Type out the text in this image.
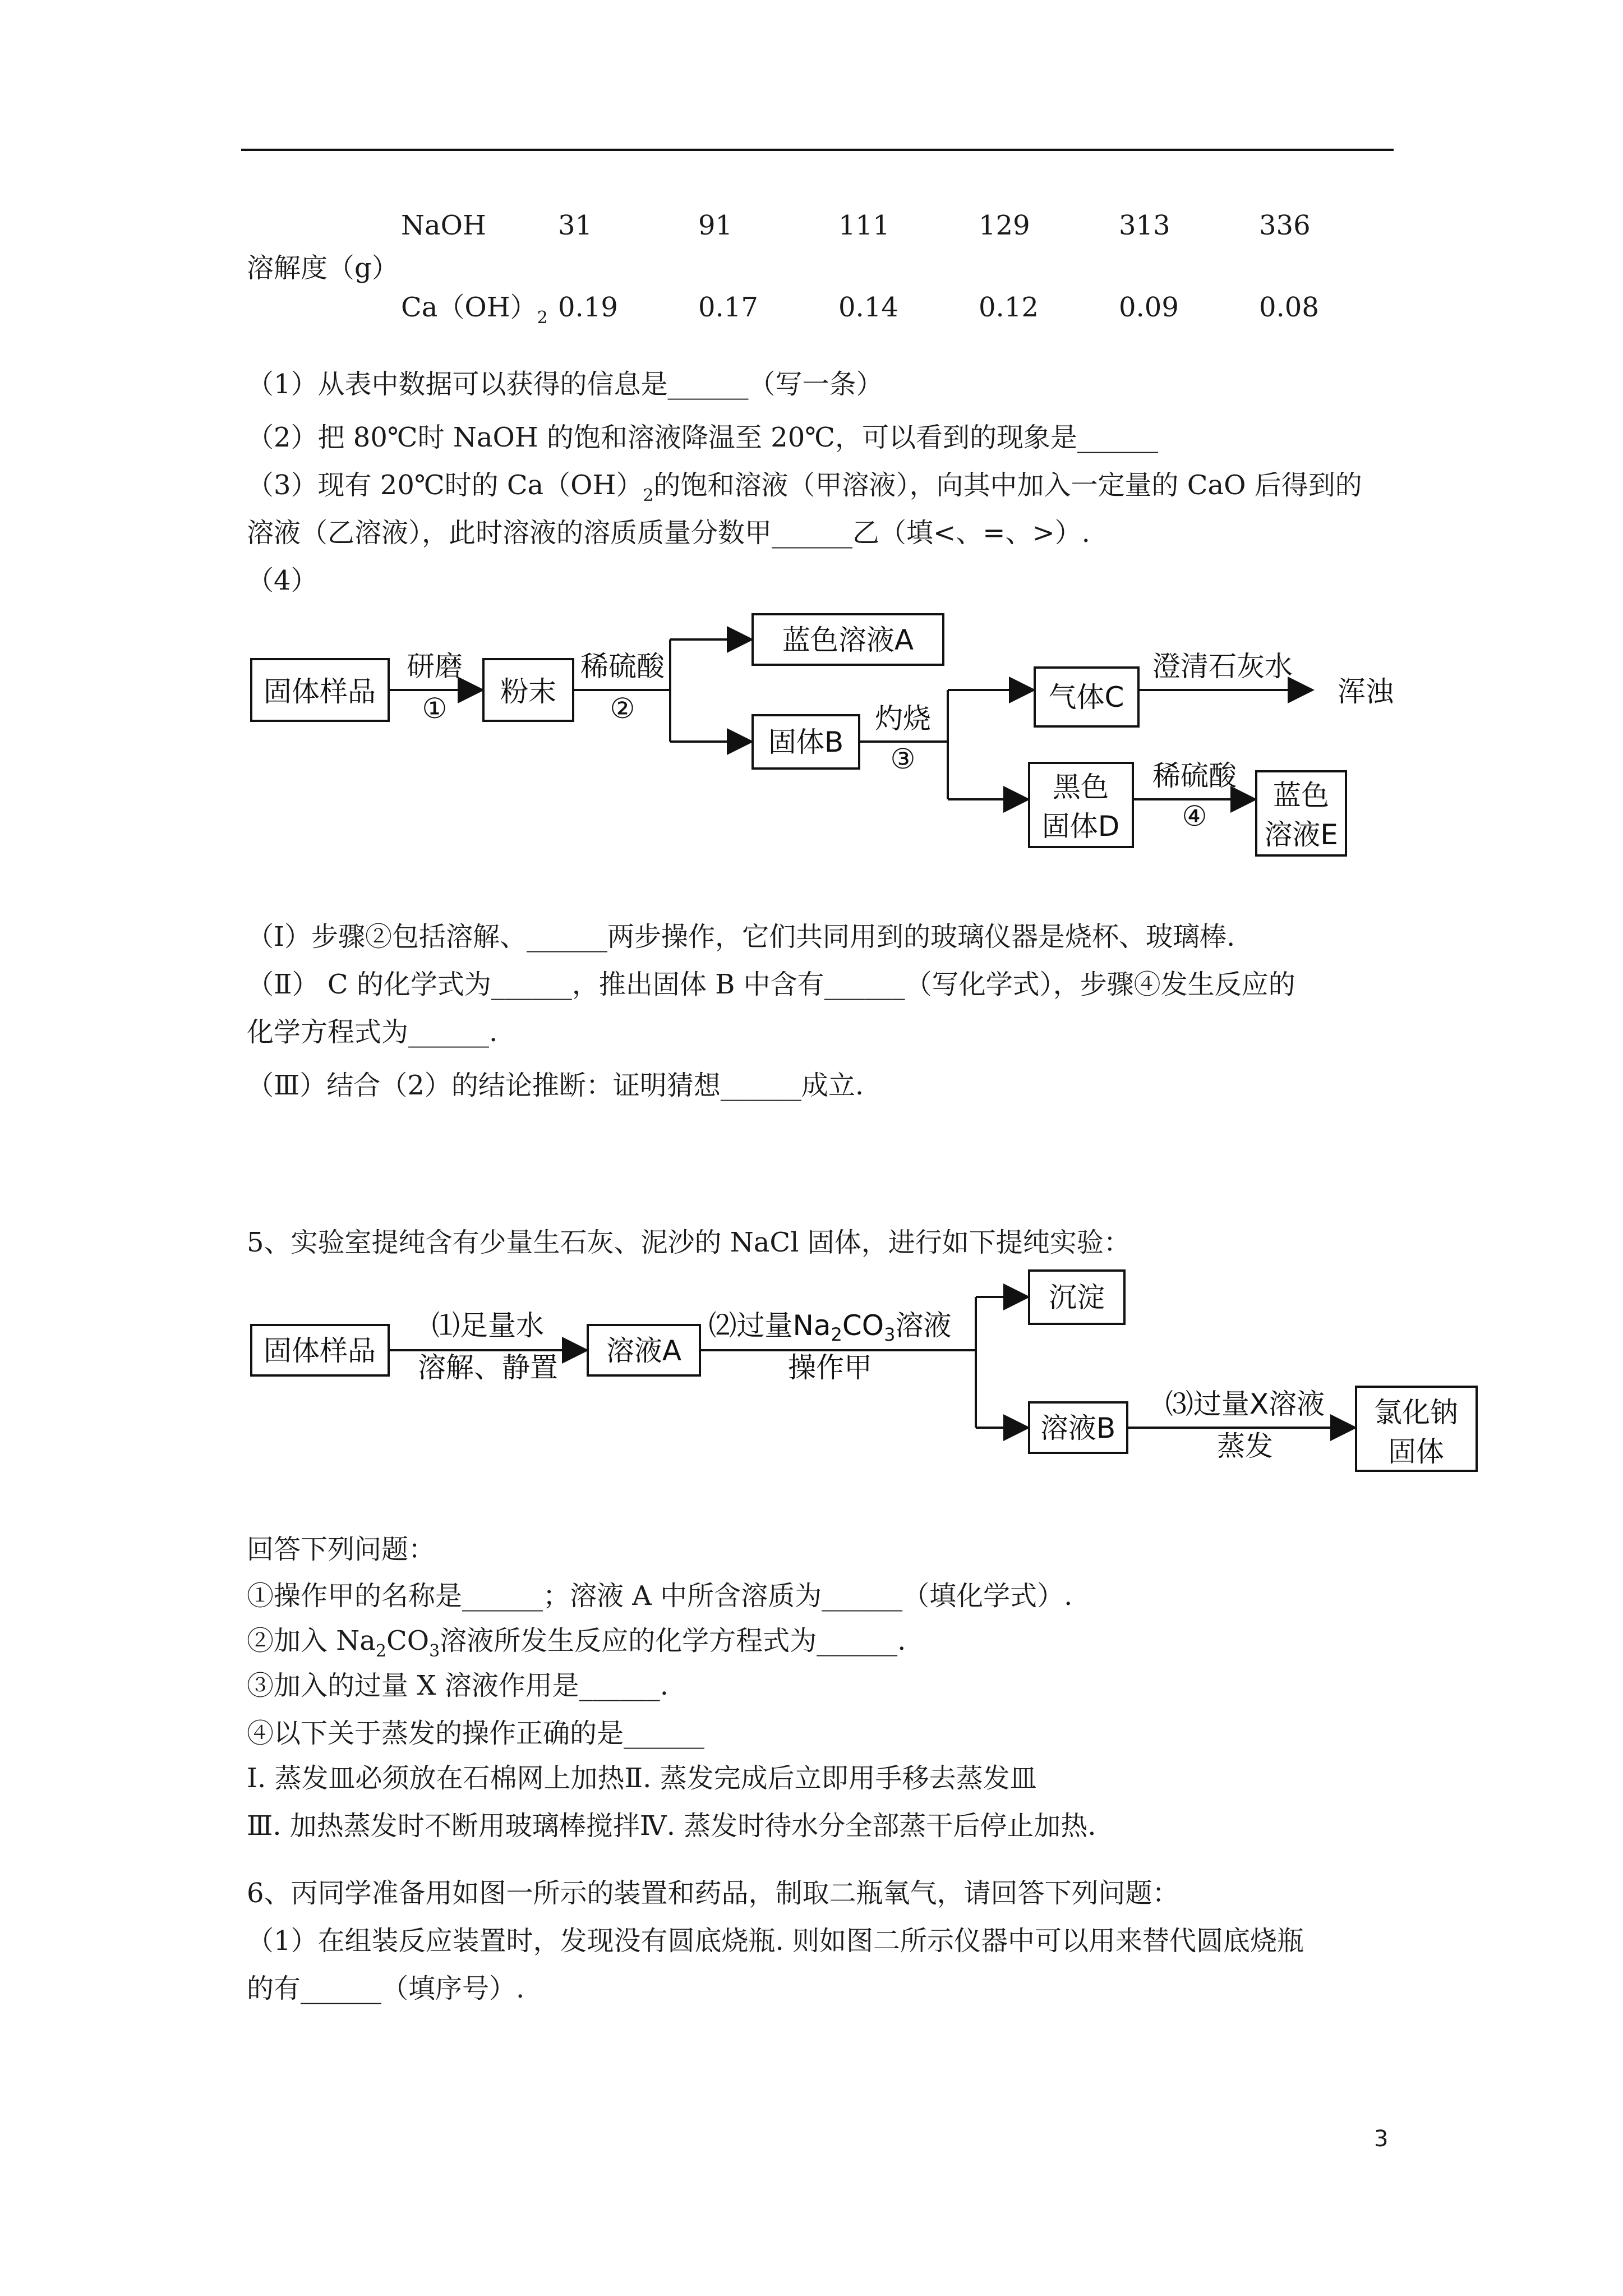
NaOH	31	91	111	129	313	336
溶解度（g）
$Ca(OH)_2$ 0.19	0.17	0.14	0.12	0.09	0.08
（1）从表中数据可以获得的信息是______（写一条）
（2）把 80℃时 NaOH 的饱和溶液降温至 20℃，可以看到的现象是______
（3）现有 20℃时的 $Ca(OH)_2$的饱和溶液（甲溶液），向其中加入一定量的 CaO 后得到的
溶液（乙溶液），此时溶液的溶质质量分数甲______乙（填<、=、>）.
（4）
固体样品
研磨
①
粉末
稀硫酸
②
蓝色溶液A
固体B
灼烧
③
气体C
澄清石灰水
浑浊
黑色
固体D
稀硫酸
④
蓝色
溶液E
（Ⅰ）步骤②包括溶解、______两步操作，它们共同用到的玻璃仪器是烧杯、玻璃棒.
（Ⅱ） C 的化学式为______，推出固体 B 中含有______（写化学式），步骤④发生反应的
化学方程式为______.
（Ⅲ）结合（2）的结论推断：证明猜想______成立.
5、实验室提纯含有少量生石灰、泥沙的 NaCl 固体，进行如下提纯实验：
固体样品
⑴足量水
溶解、静置
溶液A
⑵过量$Na_2CO_3$溶液
操作甲
沉淀
溶液B
⑶过量X溶液
蒸发
氯化钠
固体
回答下列问题：
①操作甲的名称是______；溶液 A 中所含溶质为______（填化学式）.
②加入 $Na_2CO_3$溶液所发生反应的化学方程式为______.
③加入的过量 X 溶液作用是______.
④以下关于蒸发的操作正确的是______
Ⅰ. 蒸发皿必须放在石棉网上加热Ⅱ. 蒸发完成后立即用手移去蒸发皿
Ⅲ. 加热蒸发时不断用玻璃棒搅拌Ⅳ. 蒸发时待水分全部蒸干后停止加热.
6、丙同学准备用如图一所示的装置和药品，制取二瓶氧气，请回答下列问题：
（1）在组装反应装置时，发现没有圆底烧瓶. 则如图二所示仪器中可以用来替代圆底烧瓶
的有______（填序号）.
3
